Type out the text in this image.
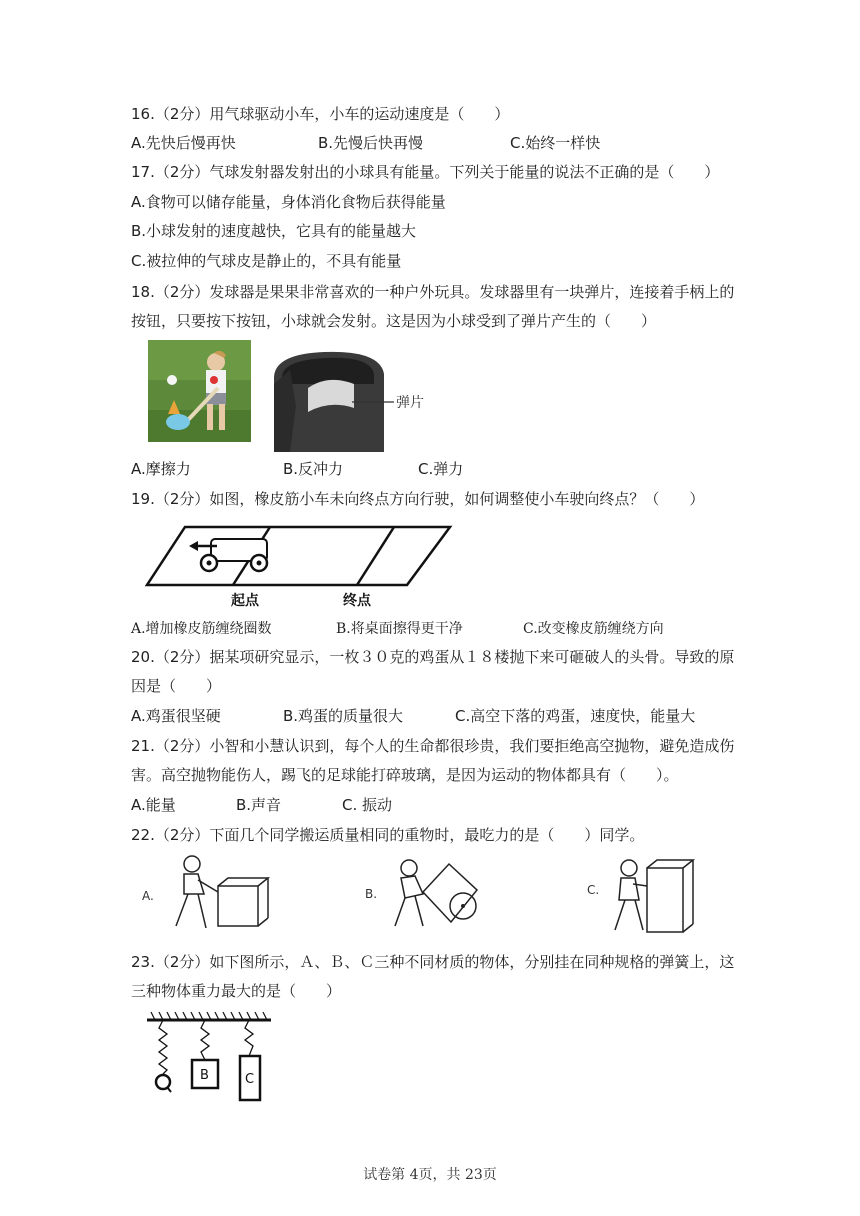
16.（2分）用气球驱动小车，小车的运动速度是（　　）
A.先快后慢再快	B.先慢后快再慢	C.始终一样快
17.（2分）气球发射器发射出的小球具有能量。下列关于能量的说法不正确的是（　　）
A.食物可以储存能量，身体消化食物后获得能量
B.小球发射的速度越快，它具有的能量越大
C.被拉伸的气球皮是静止的，不具有能量
18.（2分）发球器是果果非常喜欢的一种户外玩具。发球器里有一块弹片，连接着手柄上的
按钮，只要按下按钮，小球就会发射。这是因为小球受到了弹片产生的（　　）
弹片
A.摩擦力	B.反冲力	C.弹力
19.（2分）如图，橡皮筋小车未向终点方向行驶，如何调整使小车驶向终点？（　　）
起点	终点
A.增加橡皮筋缠绕圈数	B.将桌面擦得更干净	C.改变橡皮筋缠绕方向
20.（2分）据某项研究显示，一枚３０克的鸡蛋从１８楼抛下来可砸破人的头骨。导致的原
因是（　　）
A.鸡蛋很坚硬	B.鸡蛋的质量很大	C.高空下落的鸡蛋，速度快，能量大
21.（2分）小智和小慧认识到，每个人的生命都很珍贵，我们要拒绝高空抛物，避免造成伤
害。高空抛物能伤人，踢飞的足球能打碎玻璃，是因为运动的物体都具有（　　）。
A.能量	B.声音	C. 振动
22.（2分）下面几个同学搬运质量相同的重物时，最吃力的是（　　）同学。
A.	B.	C.
23.（2分）如下图所示，Ａ、Ｂ、Ｃ三种不同材质的物体，分别挂在同种规格的弹簧上，这
三种物体重力最大的是（　　）
B	C
试卷第 4页，共 23页
